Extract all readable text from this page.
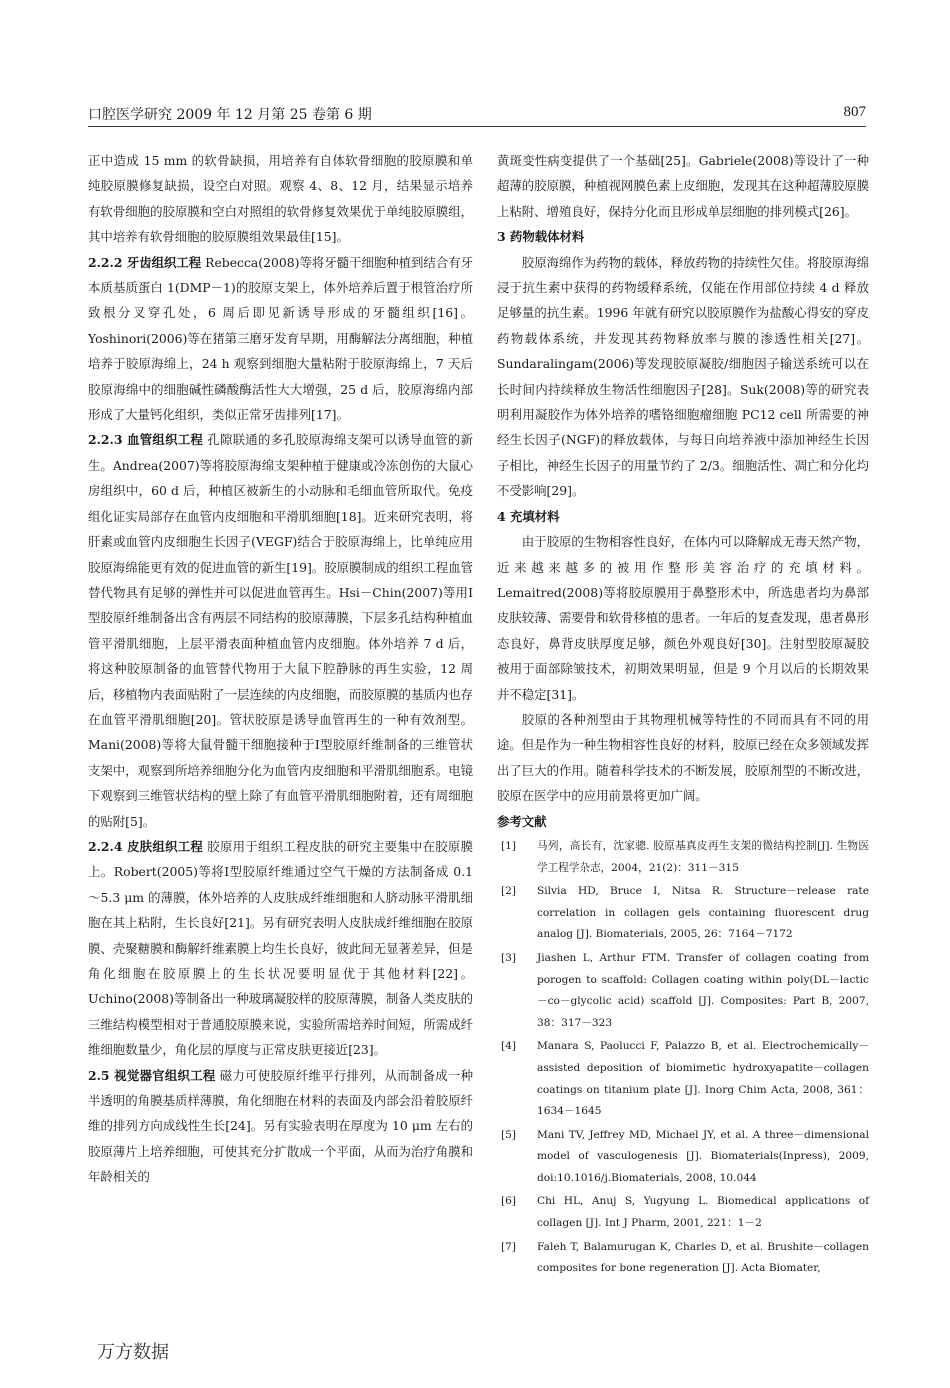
口腔医学研究 2009 年 12 月第 25 卷第 6 期	807

正中造成 15 mm 的软骨缺损，用培养有自体软骨细胞的胶原膜和单纯胶原膜修复缺损，设空白对照。观察 4、8、12 月，结果显示培养有软骨细胞的胶原膜和空白对照组的软骨修复效果优于单纯胶原膜组，其中培养有软骨细胞的胶原膜组效果最佳[15]。

2.2.2 牙齿组织工程 Rebecca(2008)等将牙髓干细胞种植到结合有牙本质基质蛋白 1(DMP－1)的胶原支架上，体外培养后置于根管治疗所致根分叉穿孔处，6 周后即见新诱导形成的牙髓组织[16]。Yoshinori(2006)等在猪第三磨牙发育早期，用酶解法分离细胞，种植培养于胶原海绵上，24 h 观察到细胞大量粘附于胶原海绵上，7 天后胶原海绵中的细胞碱性磷酸酶活性大大增强，25 d 后，胶原海绵内部形成了大量钙化组织，类似正常牙齿排列[17]。

2.2.3 血管组织工程 孔隙联通的多孔胶原海绵支架可以诱导血管的新生。Andrea(2007)等将胶原海绵支架种植于健康或冷冻创伤的大鼠心房组织中，60 d 后，种植区被新生的小动脉和毛细血管所取代。免疫组化证实局部存在血管内皮细胞和平滑肌细胞[18]。近来研究表明，将肝素或血管内皮细胞生长因子(VEGF)结合于胶原海绵上，比单纯应用胶原海绵能更有效的促进血管的新生[19]。胶原膜制成的组织工程血管替代物具有足够的弹性并可以促进血管再生。Hsi－Chin(2007)等用Ⅰ型胶原纤维制备出含有两层不同结构的胶原薄膜，下层多孔结构种植血管平滑肌细胞，上层平滑表面种植血管内皮细胞。体外培养 7 d 后，将这种胶原制备的血管替代物用于大鼠下腔静脉的再生实验，12 周后，移植物内表面贴附了一层连续的内皮细胞，而胶原膜的基质内也存在血管平滑肌细胞[20]。管状胶原是诱导血管再生的一种有效剂型。Mani(2008)等将大鼠骨髓干细胞接种于Ⅰ型胶原纤维制备的三维管状支架中，观察到所培养细胞分化为血管内皮细胞和平滑肌细胞系。电镜下观察到三维管状结构的壁上除了有血管平滑肌细胞附着，还有周细胞的贴附[5]。

2.2.4 皮肤组织工程 胶原用于组织工程皮肤的研究主要集中在胶原膜上。Robert(2005)等将Ⅰ型胶原纤维通过空气干燥的方法制备成 0.1～5.3 μm 的薄膜，体外培养的人皮肤成纤维细胞和人脐动脉平滑肌细胞在其上粘附，生长良好[21]。另有研究表明人皮肤成纤维细胞在胶原膜、壳聚糖膜和酶解纤维素膜上均生长良好，彼此间无显著差异，但是角化细胞在胶原膜上的生长状况要明显优于其他材料[22]。Uchino(2008)等制备出一种玻璃凝胶样的胶原薄膜，制备人类皮肤的三维结构模型相对于普通胶原膜来说，实验所需培养时间短，所需成纤维细胞数量少，角化层的厚度与正常皮肤更接近[23]。

2.5 视觉器官组织工程 磁力可使胶原纤维平行排列，从而制备成一种半透明的角膜基质样薄膜，角化细胞在材料的表面及内部会沿着胶原纤维的排列方向成线性生长[24]。另有实验表明在厚度为 10 μm 左右的胶原薄片上培养细胞，可使其充分扩散成一个平面，从而为治疗角膜和年龄相关的

黄斑变性病变提供了一个基础[25]。Gabriele(2008)等设计了一种超薄的胶原膜，种植视网膜色素上皮细胞，发现其在这种超薄胶原膜上粘附、增殖良好，保持分化而且形成单层细胞的排列模式[26]。

3 药物载体材料

胶原海绵作为药物的载体，释放药物的持续性欠佳。将胶原海绵浸于抗生素中获得的药物缓释系统，仅能在作用部位持续 4 d 释放足够量的抗生素。1996 年就有研究以胶原膜作为盐酸心得安的穿皮药物载体系统，并发现其药物释放率与膜的渗透性相关[27]。Sundaralingam(2006)等发现胶原凝胶/细胞因子输送系统可以在长时间内持续释放生物活性细胞因子[28]。Suk(2008)等的研究表明利用凝胶作为体外培养的嗜铬细胞瘤细胞 PC12 cell 所需要的神经生长因子(NGF)的释放载体，与每日向培养液中添加神经生长因子相比，神经生长因子的用量节约了 2/3。细胞活性、凋亡和分化均不受影响[29]。

4 充填材料

由于胶原的生物相容性良好，在体内可以降解成无毒天然产物，近来越来越多的被用作整形美容治疗的充填材料。Lemaitred(2008)等将胶原膜用于鼻整形术中，所选患者均为鼻部皮肤较薄、需要骨和软骨移植的患者。一年后的复查发现，患者鼻形态良好，鼻背皮肤厚度足够，颜色外观良好[30]。注射型胶原凝胶被用于面部除皱技术，初期效果明显，但是 9 个月以后的长期效果并不稳定[31]。

胶原的各种剂型由于其物理机械等特性的不同而具有不同的用途。但是作为一种生物相容性良好的材料，胶原已经在众多领域发挥出了巨大的作用。随着科学技术的不断发展，胶原剂型的不断改进，胶原在医学中的应用前景将更加广阔。

参考文献

[1] 马列，高长有，沈家骢. 胶原基真皮再生支架的微结构控制[J]. 生物医学工程学杂志，2004，21(2)：311－315
[2] Silvia HD, Bruce I, Nitsa R. Structure－release rate correlation in collagen gels containing fluorescent drug analog [J]. Biomaterials, 2005, 26：7164－7172
[3] Jiashen L, Arthur FTM. Transfer of collagen coating from porogen to scaffold: Collagen coating within poly(DL－lactic－co－glycolic acid) scaffold [J]. Composites: Part B, 2007, 38：317－323
[4] Manara S, Paolucci F, Palazzo B, et al. Electrochemically－assisted deposition of biomimetic hydroxyapatite－collagen coatings on titanium plate [J]. Inorg Chim Acta, 2008, 361：1634－1645
[5] Mani TV, Jeffrey MD, Michael JY, et al. A three－dimensional model of vasculogenesis [J]. Biomaterials(Inpress), 2009, doi:10.1016/j.Biomaterials, 2008, 10.044
[6] Chi HL, Anuj S, Yugyung L. Biomedical applications of collagen [J]. Int J Pharm, 2001, 221：1－2
[7] Faleh T, Balamurugan K, Charles D, et al. Brushite－collagen composites for bone regeneration [J]. Acta Biomater,
万方数据
